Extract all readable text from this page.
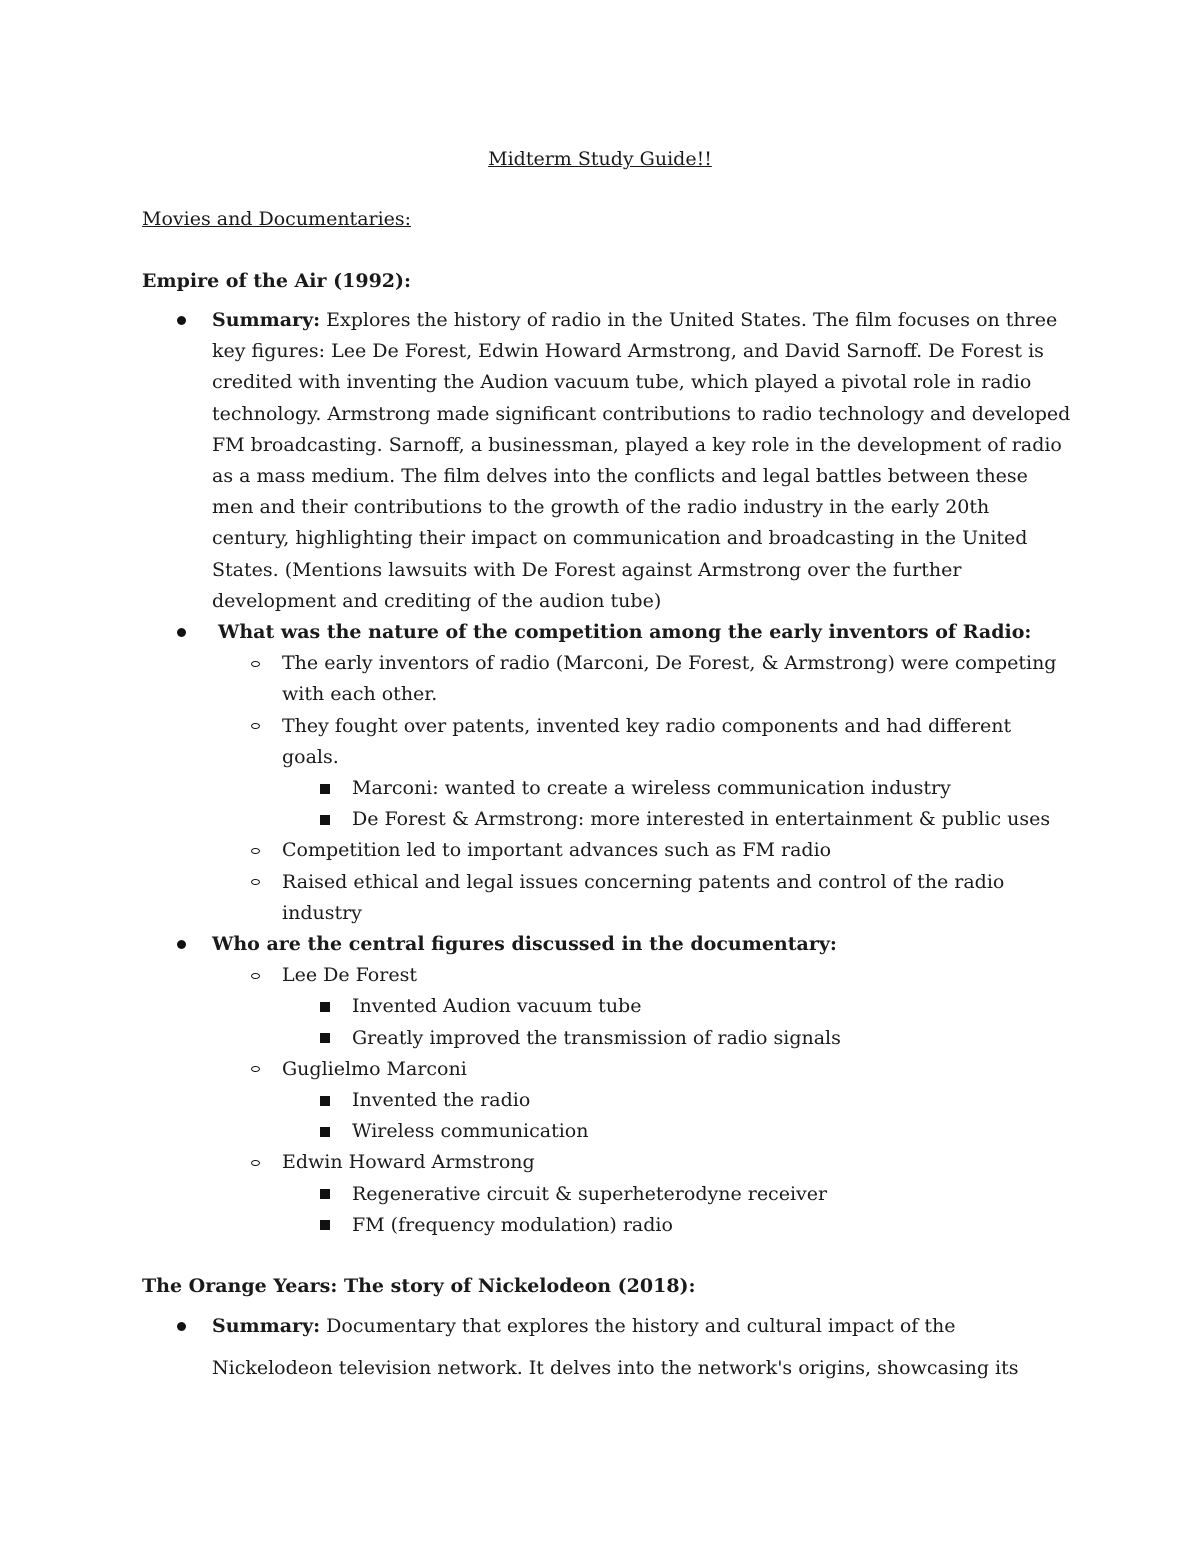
Midterm Study Guide!!
Movies and Documentaries:
Empire of the Air (1992):
Summary: Explores the history of radio in the United States. The film focuses on three key figures: Lee De Forest, Edwin Howard Armstrong, and David Sarnoff. De Forest is credited with inventing the Audion vacuum tube, which played a pivotal role in radio technology. Armstrong made significant contributions to radio technology and developed FM broadcasting. Sarnoff, a businessman, played a key role in the development of radio as a mass medium. The film delves into the conflicts and legal battles between these men and their contributions to the growth of the radio industry in the early 20th century, highlighting their impact on communication and broadcasting in the United States. (Mentions lawsuits with De Forest against Armstrong over the further development and crediting of the audion tube)
What was the nature of the competition among the early inventors of Radio:
The early inventors of radio (Marconi, De Forest, & Armstrong) were competing with each other.
They fought over patents, invented key radio components and had different goals.
Marconi: wanted to create a wireless communication industry
De Forest & Armstrong: more interested in entertainment & public uses
Competition led to important advances such as FM radio
Raised ethical and legal issues concerning patents and control of the radio industry
Who are the central figures discussed in the documentary:
Lee De Forest
Invented Audion vacuum tube
Greatly improved the transmission of radio signals
Guglielmo Marconi
Invented the radio
Wireless communication
Edwin Howard Armstrong
Regenerative circuit & superheterodyne receiver
FM (frequency modulation) radio
The Orange Years: The story of Nickelodeon (2018):
Summary: Documentary that explores the history and cultural impact of the Nickelodeon television network. It delves into the network's origins, showcasing its
